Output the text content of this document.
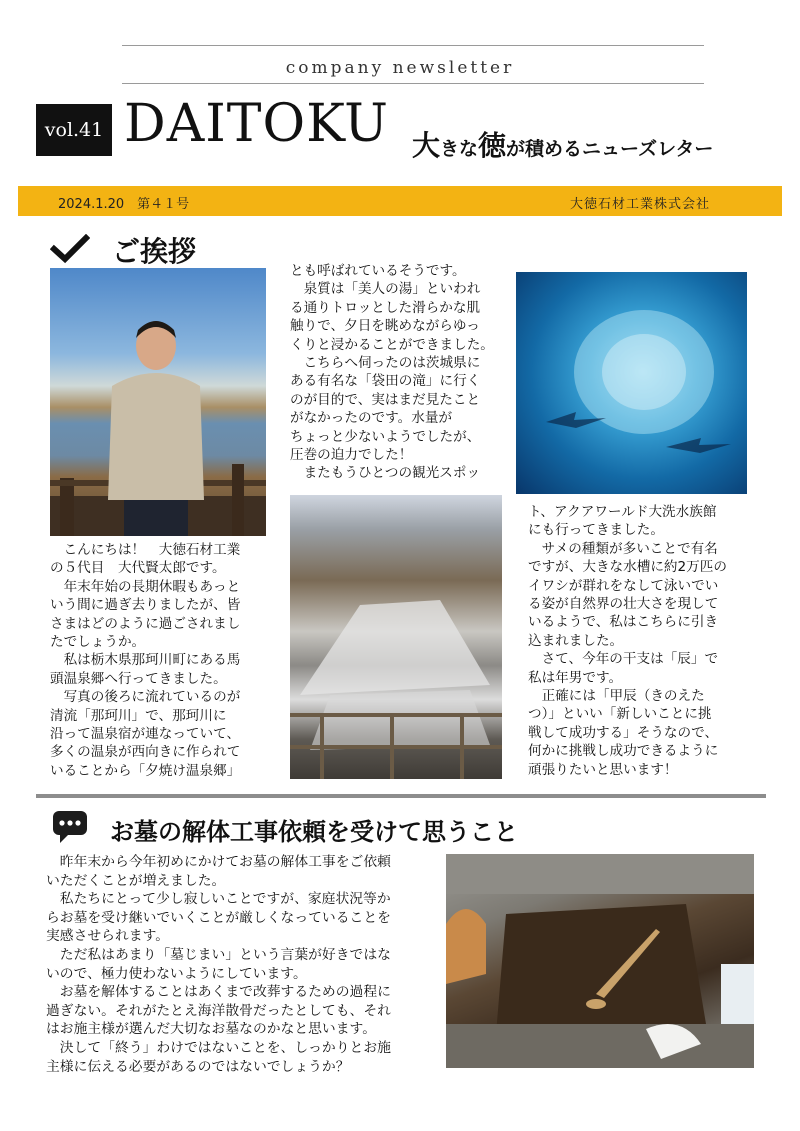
company newsletter
vol.41 DAITOKU 大きな徳が積めるニューズレター
2024.1.20　第４１号	大徳石材工業株式会社
ご挨拶
　こんにちは！　大徳石材工業
の５代目　大代賢太郎です。
　年末年始の長期休暇もあっと
いう間に過ぎ去りましたが、皆
さまはどのように過ごされまし
たでしょうか。
　私は栃木県那珂川町にある馬
頭温泉郷へ行ってきました。
　写真の後ろに流れているのが
清流「那珂川」で、那珂川に
沿って温泉宿が連なっていて、
多くの温泉が西向きに作られて
いることから「夕焼け温泉郷」
とも呼ばれているそうです。
　泉質は「美人の湯」といわれ
る通りトロッとした滑らかな肌
触りで、夕日を眺めながらゆっ
くりと浸かることができました。
　こちらへ伺ったのは茨城県に
ある有名な「袋田の滝」に行く
のが目的で、実はまだ見たこと
がなかったのです。水量が
ちょっと少ないようでしたが、
圧巻の迫力でした！
　またもうひとつの観光スポッ
ト、アクアワールド大洗水族館
にも行ってきました。
　サメの種類が多いことで有名
ですが、大きな水槽に約2万匹の
イワシが群れをなして泳いでい
る姿が自然界の壮大さを現して
いるようで、私はこちらに引き
込まれました。
　さて、今年の干支は「辰」で
私は年男です。
　正確には「甲辰（きのえた
つ）」といい「新しいことに挑
戦して成功する」そうなので、
何かに挑戦し成功できるように
頑張りたいと思います！
お墓の解体工事依頼を受けて思うこと
　昨年末から今年初めにかけてお墓の解体工事をご依頼
いただくことが増えました。
　私たちにとって少し寂しいことですが、家庭状況等か
らお墓を受け継いでいくことが厳しくなっていることを
実感させられます。
　ただ私はあまり「墓じまい」という言葉が好きではな
いので、極力使わないようにしています。
　お墓を解体することはあくまで改葬するための過程に
過ぎない。それがたとえ海洋散骨だったとしても、それ
はお施主様が選んだ大切なお墓なのかなと思います。
　決して「終う」わけではないことを、しっかりとお施
主様に伝える必要があるのではないでしょうか？
